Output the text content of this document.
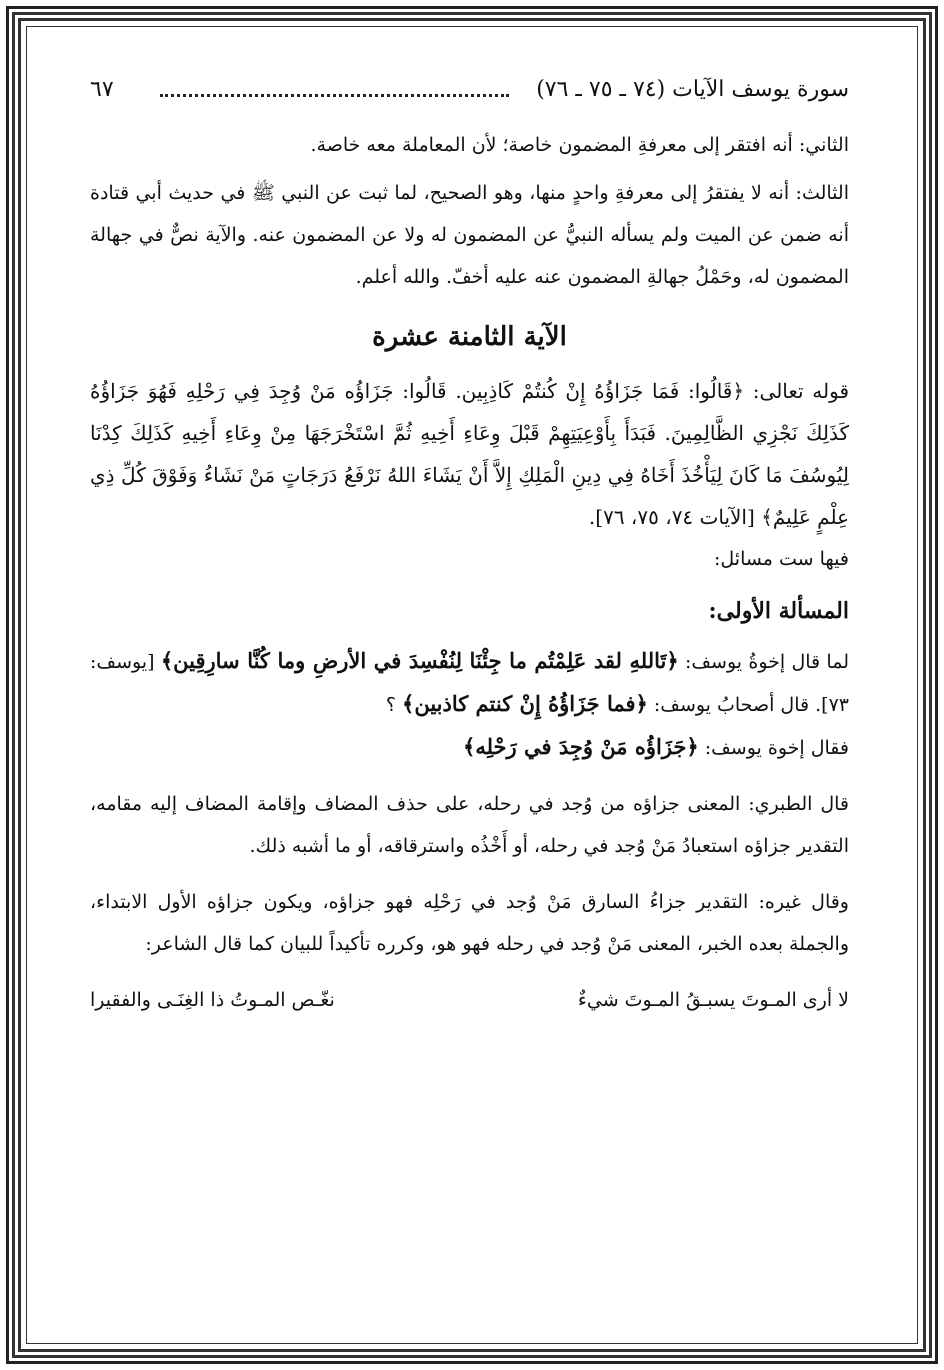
سورة يوسف الآيات (٧٤ ـ ٧٥ ـ ٧٦)
٦٧

الثاني: أنه افتقر إلى معرفةِ المضمون خاصة؛ لأن المعاملة معه خاصة.

الثالث: أنه لا يفتقرُ إلى معرفةِ واحدٍ منها، وهو الصحيح، لما ثبت عن النبي ﷺ في حديث أبي قتادة أنه ضمن عن الميت ولم يسأله النبيُّ عن المضمون له ولا عن المضمون عنه. والآية نصٌّ في جهالة المضمون له، وحَمْلُ جهالةِ المضمون عنه عليه أخفّ. والله أعلم.

الآية الثامنة عشرة

قوله تعالى: ﴿قَالُوا: فَمَا جَزَاؤُهُ إِنْ كُنتُمْ كَاذِبِين. قَالُوا: جَزَاؤُه مَنْ وُجِدَ فِي رَحْلِهِ فَهُوَ جَزَاؤُهُ كَذَلِكَ نَجْزِي الظَّالِمِينَ. فَبَدَأَ بِأَوْعِيَتِهِمْ قَبْلَ وِعَاءِ أَخِيهِ ثُمَّ اسْتَخْرَجَهَا مِنْ وِعَاءِ أَخِيهِ كَذَلِكَ كِدْنَا لِيُوسُفَ مَا كَانَ لِيَأْخُذَ أَخَاهُ فِي دِينِ الْمَلِكِ إِلاَّ أَنْ يَشَاءَ اللهُ نَرْفَعُ دَرَجَاتٍ مَنْ نَشَاءُ وَفَوْقَ كُلِّ ذِي عِلْمٍ عَلِيمٌ﴾ [الآيات ٧٤، ٧٥، ٧٦].

فيها ست مسائل:

المسألة الأولى:

لما قال إخوةُ يوسف: ﴿تَاللهِ لقد عَلِمْتُم ما جِئْنَا لِنُفْسِدَ في الأرضِ وما كُنَّا سارِقِين﴾ [يوسف: ٧٣]. قال أصحابُ يوسف: ﴿فما جَزَاؤُهُ إِنْ كنتم كاذبين﴾ ؟
فقال إخوة يوسف: ﴿جَزَاؤُه مَنْ وُجِدَ في رَحْلِه﴾

قال الطبري: المعنى جزاؤه من وُجد في رحله، على حذف المضاف وإقامة المضاف إليه مقامه، التقدير جزاؤه استعبادُ مَنْ وُجد في رحله، أو أَخْذُه واسترقاقه، أو ما أشبه ذلك.

وقال غيره: التقدير جزاءُ السارق مَنْ وُجد في رَحْلِه فهو جزاؤه، ويكون جزاؤه الأول الابتداء، والجملة بعده الخبر، المعنى مَنْ وُجد في رحله فهو هو، وكرره تأكيداً للبيان كما قال الشاعر:

لا أرى المـوتَ يسبـقُ المـوتَ شيءٌ
نغّـص المـوتُ ذا الغِنَـى والفقيرا
